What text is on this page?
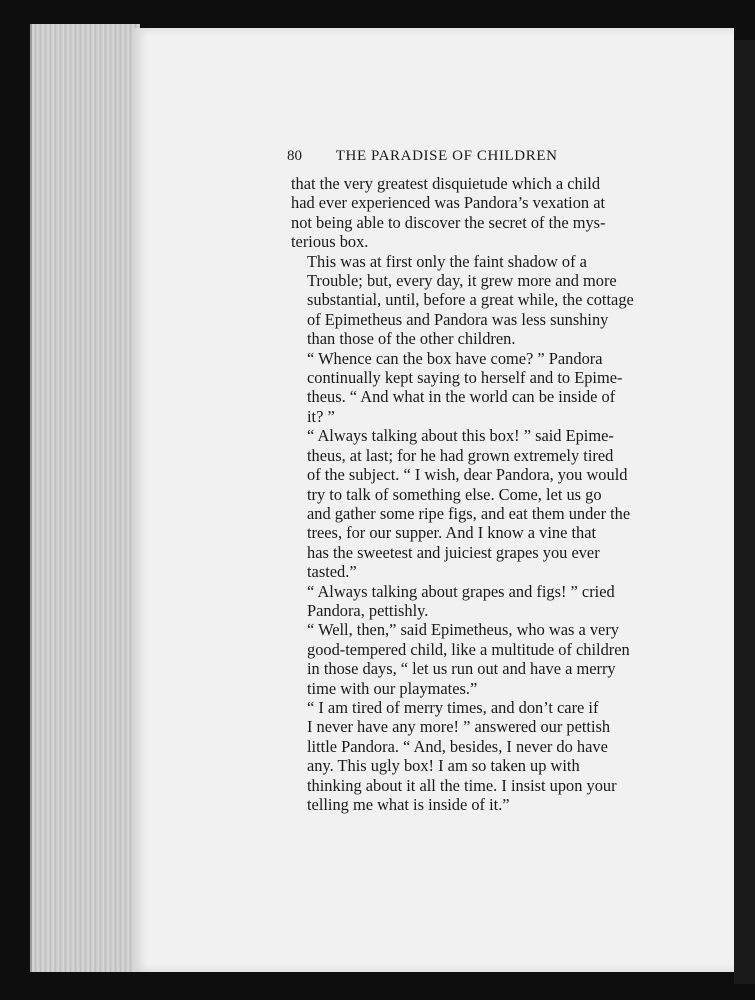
80 THE PARADISE OF CHILDREN

that the very greatest disquietude which a child
had ever experienced was Pandora’s vexation at
not being able to discover the secret of the mys-
terious box.

This was at first only the faint shadow of a
Trouble; but, every day, it grew more and more
substantial, until, before a great while, the cottage
of Epimetheus and Pandora was less sunshiny
than those of the other children.

“ Whence can the box have come? ” Pandora
continually kept saying to herself and to Epime-
theus. “ And what in the world can be inside of
it? ”

“ Always talking about this box! ” said Epime-
theus, at last; for he had grown extremely tired
of the subject. “ I wish, dear Pandora, you would
try to talk of something else. Come, let us go
and gather some ripe figs, and eat them under the
trees, for our supper. And I know a vine that
has the sweetest and juiciest grapes you ever
tasted.”

“ Always talking about grapes and figs! ” cried
Pandora, pettishly.

“ Well, then,” said Epimetheus, who was a very
good-tempered child, like a multitude of children
in those days, “ let us run out and have a merry
time with our playmates.”

“ I am tired of merry times, and don’t care if
I never have any more! ” answered our pettish
little Pandora. “ And, besides, I never do have
any. This ugly box! I am so taken up with
thinking about it all the time. I insist upon your
telling me what is inside of it.”
